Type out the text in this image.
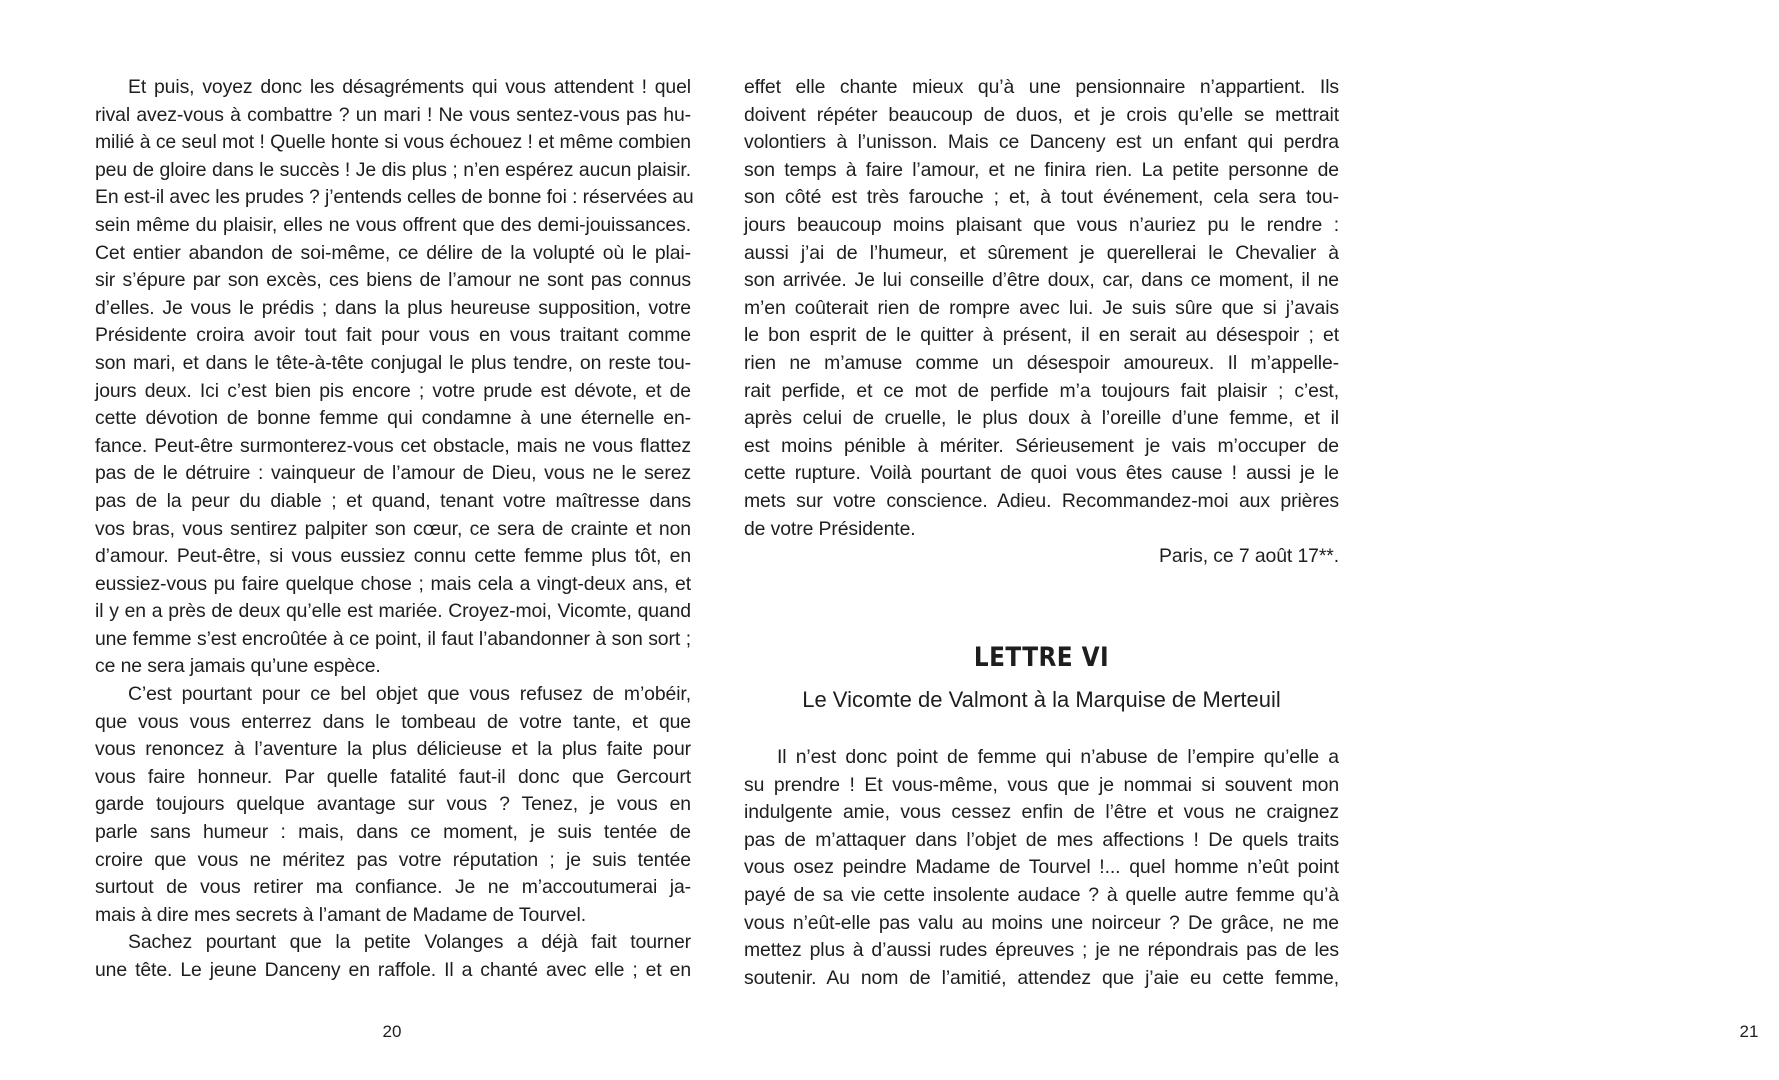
Et puis, voyez donc les désagréments qui vous attendent ! quel
rival avez-vous à combattre ? un mari ! Ne vous sentez-vous pas hu-
milié à ce seul mot ! Quelle honte si vous échouez ! et même combien
peu de gloire dans le succès ! Je dis plus ; n’en espérez aucun plaisir.
En est-il avec les prudes ? j’entends celles de bonne foi : réservées au
sein même du plaisir, elles ne vous offrent que des demi-jouissances.
Cet entier abandon de soi-même, ce délire de la volupté où le plai-
sir s’épure par son excès, ces biens de l’amour ne sont pas connus
d’elles. Je vous le prédis ; dans la plus heureuse supposition, votre
Présidente croira avoir tout fait pour vous en vous traitant comme
son mari, et dans le tête-à-tête conjugal le plus tendre, on reste tou-
jours deux. Ici c’est bien pis encore ; votre prude est dévote, et de
cette dévotion de bonne femme qui condamne à une éternelle en-
fance. Peut-être surmonterez-vous cet obstacle, mais ne vous flattez
pas de le détruire : vainqueur de l’amour de Dieu, vous ne le serez
pas de la peur du diable ; et quand, tenant votre maîtresse dans
vos bras, vous sentirez palpiter son cœur, ce sera de crainte et non
d’amour. Peut-être, si vous eussiez connu cette femme plus tôt, en
eussiez-vous pu faire quelque chose ; mais cela a vingt-deux ans, et
il y en a près de deux qu’elle est mariée. Croyez-moi, Vicomte, quand
une femme s’est encroûtée à ce point, il faut l’abandonner à son sort ;
ce ne sera jamais qu’une espèce.
C’est pourtant pour ce bel objet que vous refusez de m’obéir,
que vous vous enterrez dans le tombeau de votre tante, et que
vous renoncez à l’aventure la plus délicieuse et la plus faite pour
vous faire honneur. Par quelle fatalité faut-il donc que Gercourt
garde toujours quelque avantage sur vous ? Tenez, je vous en
parle sans humeur : mais, dans ce moment, je suis tentée de
croire que vous ne méritez pas votre réputation ; je suis tentée
surtout de vous retirer ma confiance. Je ne m’accoutumerai ja-
mais à dire mes secrets à l’amant de Madame de Tourvel.
Sachez pourtant que la petite Volanges a déjà fait tourner
une tête. Le jeune Danceny en raffole. Il a chanté avec elle ; et en
20	21
effet elle chante mieux qu’à une pensionnaire n’appartient. Ils
doivent répéter beaucoup de duos, et je crois qu’elle se mettrait
volontiers à l’unisson. Mais ce Danceny est un enfant qui perdra
son temps à faire l’amour, et ne finira rien. La petite personne de
son côté est très farouche ; et, à tout événement, cela sera tou-
jours beaucoup moins plaisant que vous n’auriez pu le rendre :
aussi j’ai de l’humeur, et sûrement je querellerai le Chevalier à
son arrivée. Je lui conseille d’être doux, car, dans ce moment, il ne
m’en coûterait rien de rompre avec lui. Je suis sûre que si j’avais
le bon esprit de le quitter à présent, il en serait au désespoir ; et
rien ne m’amuse comme un désespoir amoureux. Il m’appelle-
rait perfide, et ce mot de perfide m’a toujours fait plaisir ; c’est,
après celui de cruelle, le plus doux à l’oreille d’une femme, et il
est moins pénible à mériter. Sérieusement je vais m’occuper de
cette rupture. Voilà pourtant de quoi vous êtes cause ! aussi je le
mets sur votre conscience. Adieu. Recommandez-moi aux prières
de votre Présidente.
Paris, ce 7 août 17**.
LETTRE VI
Le Vicomte de Valmont à la Marquise de Merteuil
Il n’est donc point de femme qui n’abuse de l’empire qu’elle a
su prendre ! Et vous-même, vous que je nommai si souvent mon
indulgente amie, vous cessez enfin de l’être et vous ne craignez
pas de m’attaquer dans l’objet de mes affections ! De quels traits
vous osez peindre Madame de Tourvel !... quel homme n’eût point
payé de sa vie cette insolente audace ? à quelle autre femme qu’à
vous n’eût-elle pas valu au moins une noirceur ? De grâce, ne me
mettez plus à d’aussi rudes épreuves ; je ne répondrais pas de les
soutenir. Au nom de l’amitié, attendez que j’aie eu cette femme,
